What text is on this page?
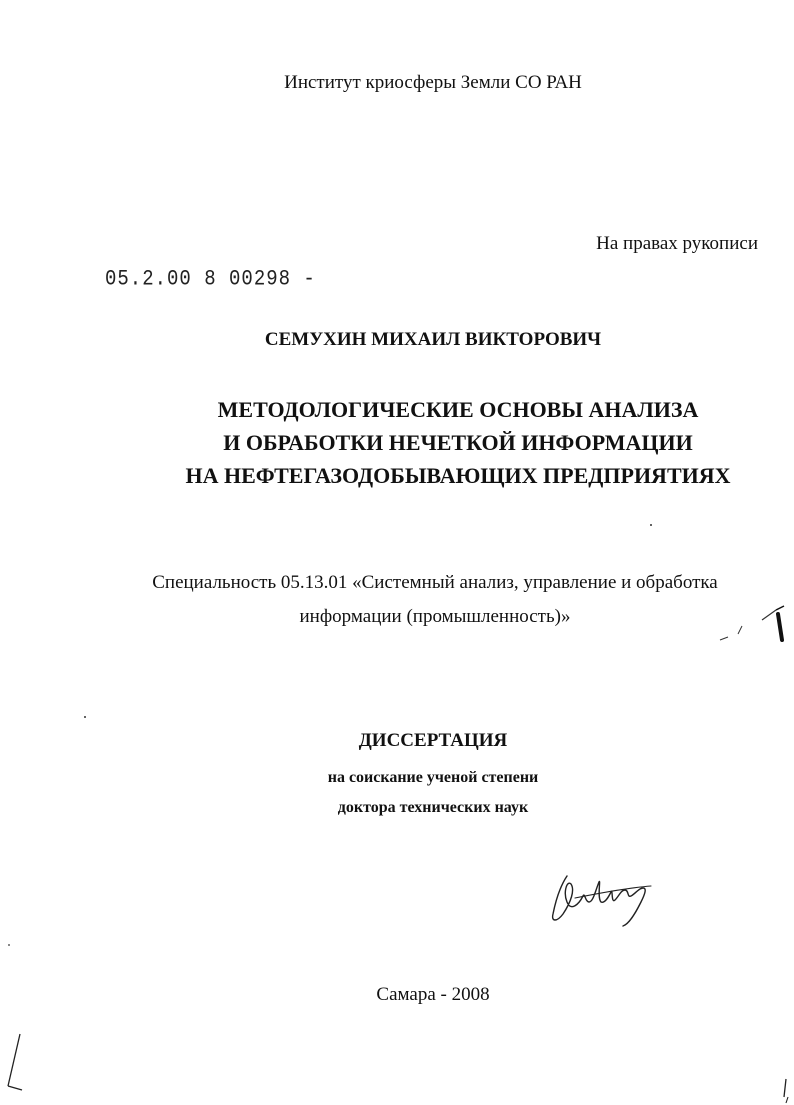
Институт криосферы Земли СО РАН
На правах рукописи
05.2.00 8 00298 -
СЕМУХИН МИХАИЛ ВИКТОРОВИЧ
МЕТОДОЛОГИЧЕСКИЕ ОСНОВЫ АНАЛИЗА
И ОБРАБОТКИ НЕЧЕТКОЙ ИНФОРМАЦИИ
НА НЕФТЕГАЗОДОБЫВАЮЩИХ ПРЕДПРИЯТИЯХ
Специальность 05.13.01 «Системный анализ, управление и обработка
информации (промышленность)»
ДИССЕРТАЦИЯ
на соискание ученой степени
доктора технических наук
Самара - 2008
